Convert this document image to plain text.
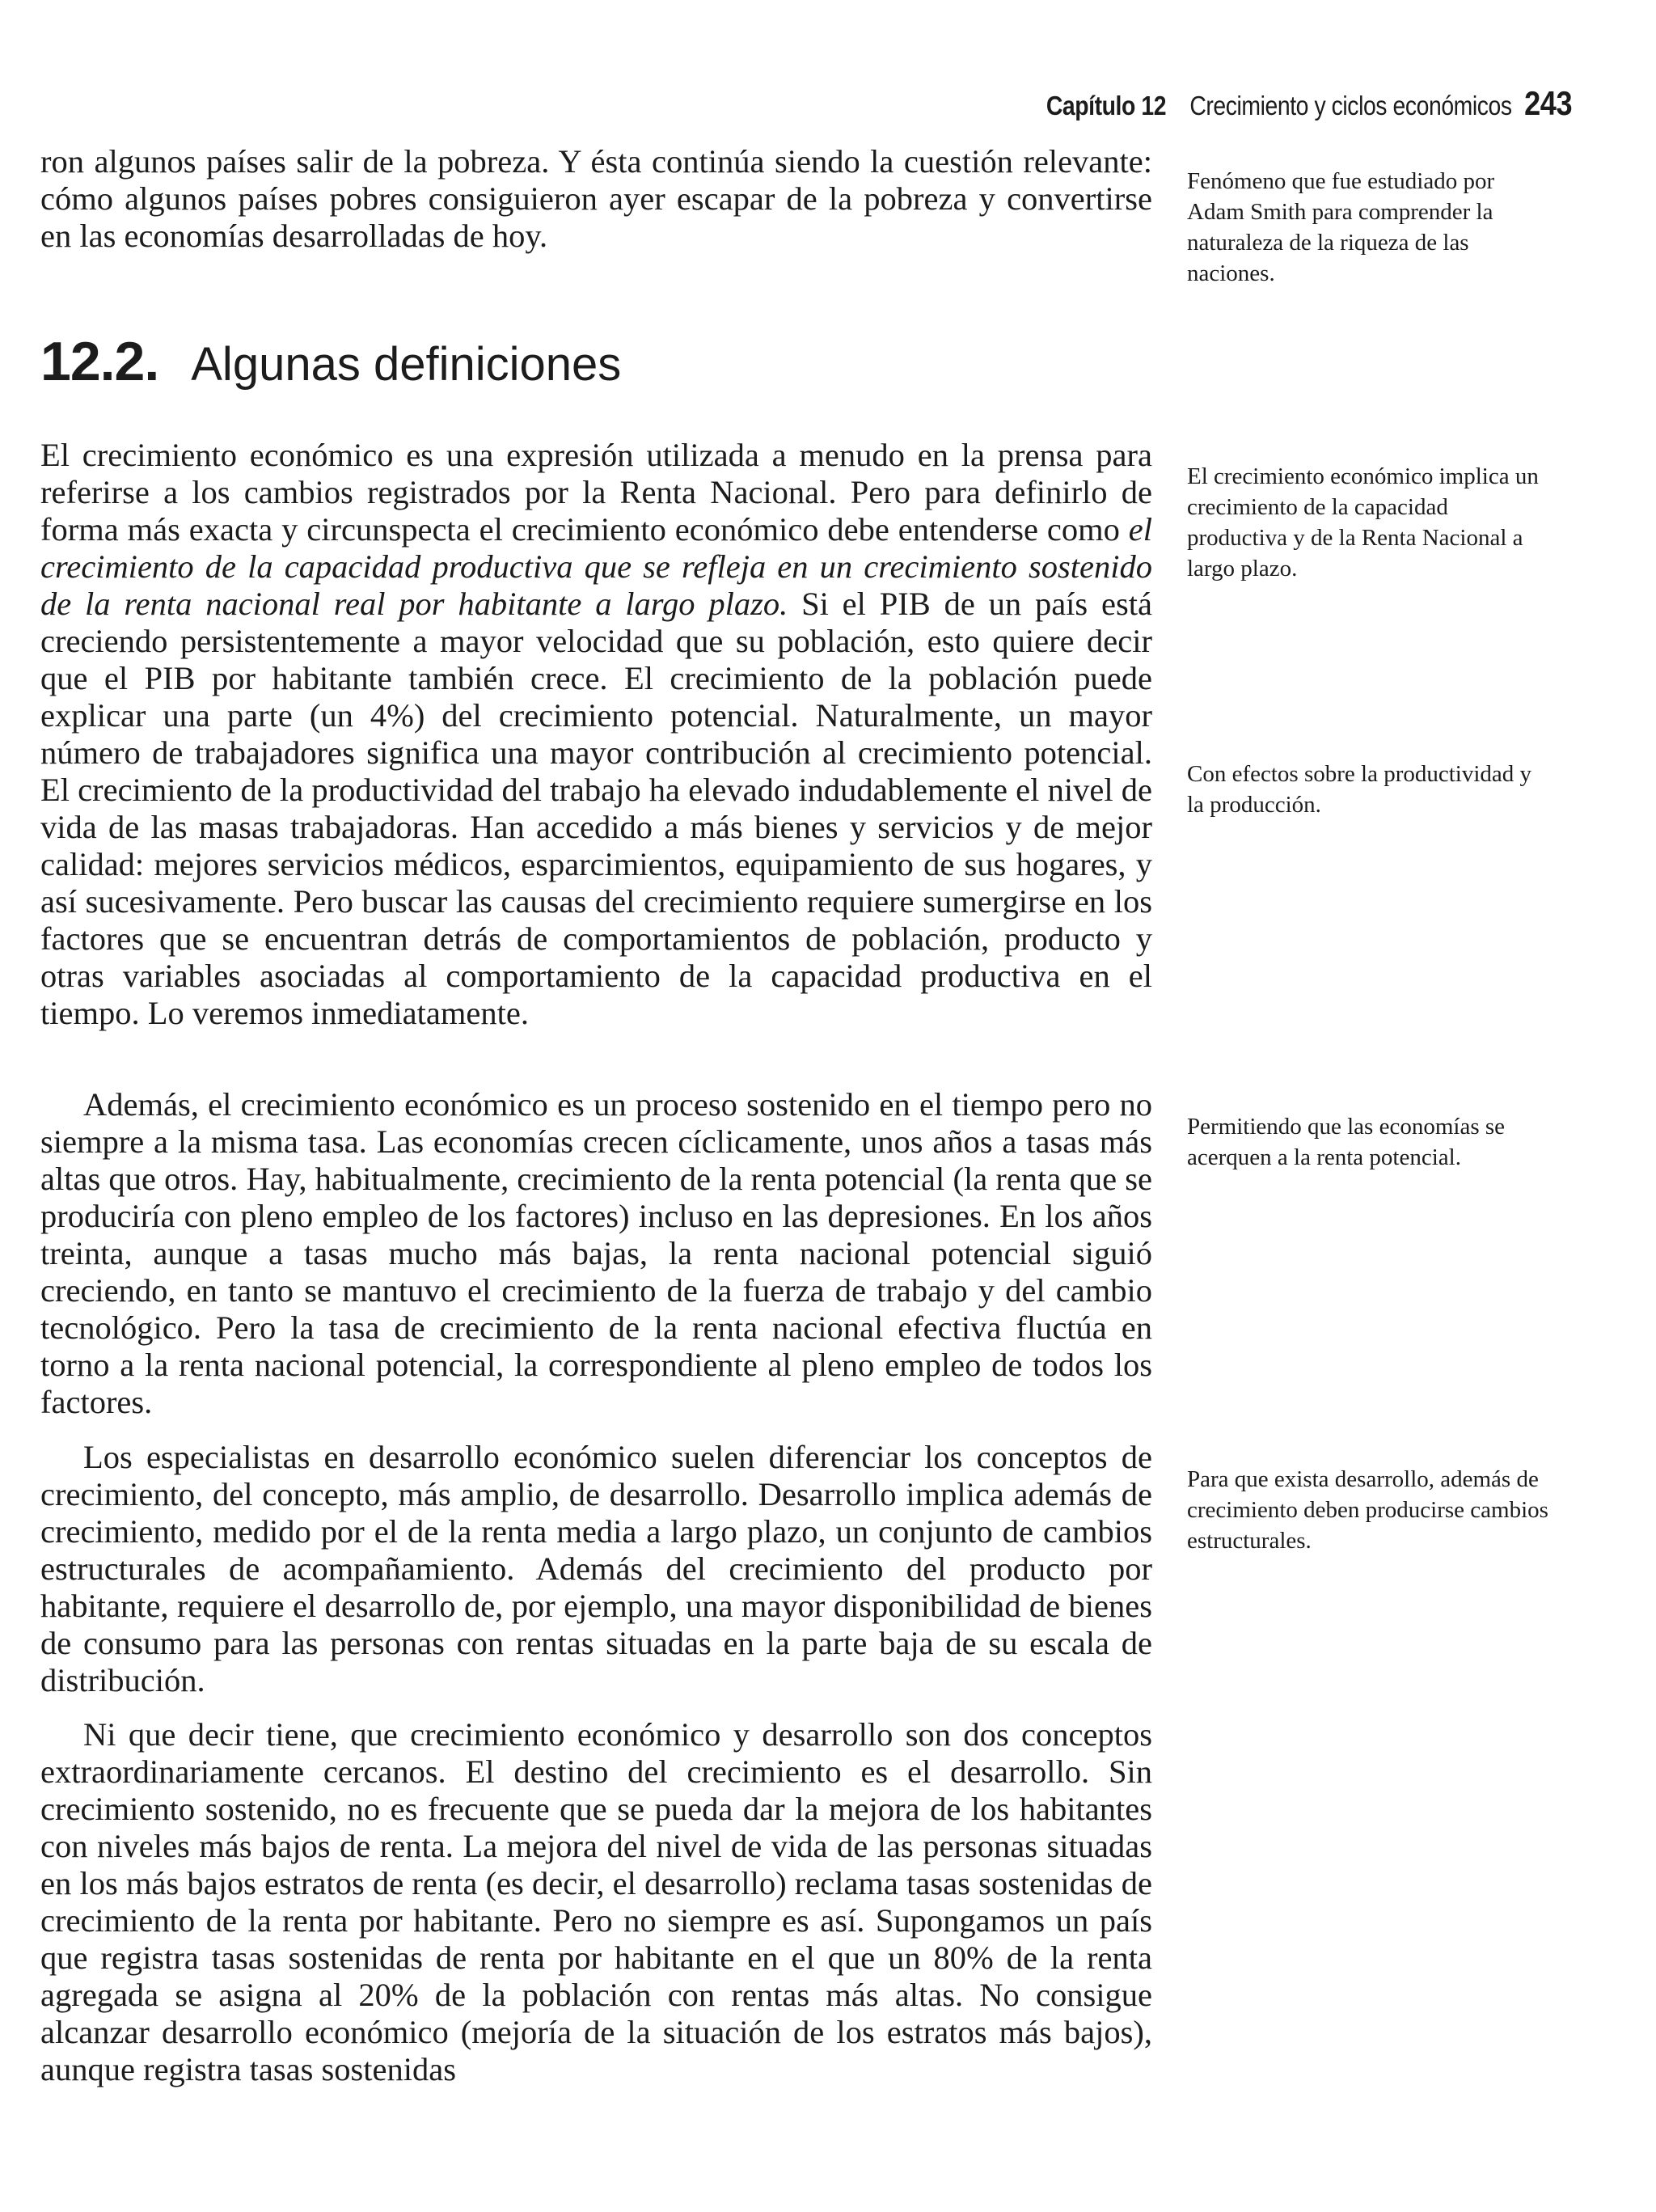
Capítulo 12 Crecimiento y ciclos económicos 243

ron algunos países salir de la pobreza. Y ésta continúa siendo la cuestión relevante: cómo algunos países pobres consiguieron ayer escapar de la pobreza y convertirse en las economías desarrolladas de hoy.

12.2. Algunas definiciones

El crecimiento económico es una expresión utilizada a menudo en la prensa para referirse a los cambios registrados por la Renta Nacional. Pero para definirlo de forma más exacta y circunspecta el crecimiento económico debe entenderse como el crecimiento de la capacidad productiva que se refleja en un crecimiento sostenido de la renta nacional real por habitante a largo plazo. Si el PIB de un país está creciendo persistentemente a mayor velocidad que su población, esto quiere decir que el PIB por habitante también crece. El crecimiento de la población puede explicar una parte (un 4%) del crecimiento potencial. Naturalmente, un mayor número de trabajadores significa una mayor contribución al crecimiento potencial. El crecimiento de la productividad del trabajo ha elevado indudablemente el nivel de vida de las masas trabajadoras. Han accedido a más bienes y servicios y de mejor calidad: mejores servicios médicos, esparcimientos, equipamiento de sus hogares, y así sucesivamente. Pero buscar las causas del crecimiento requiere sumergirse en los factores que se encuentran detrás de comportamientos de población, producto y otras variables asociadas al comportamiento de la capacidad productiva en el tiempo. Lo veremos inmediatamente.

Además, el crecimiento económico es un proceso sostenido en el tiempo pero no siempre a la misma tasa. Las economías crecen cíclicamente, unos años a tasas más altas que otros. Hay, habitualmente, crecimiento de la renta potencial (la renta que se produciría con pleno empleo de los factores) incluso en las depresiones. En los años treinta, aunque a tasas mucho más bajas, la renta nacional potencial siguió creciendo, en tanto se mantuvo el crecimiento de la fuerza de trabajo y del cambio tecnológico. Pero la tasa de crecimiento de la renta nacional efectiva fluctúa en torno a la renta nacional potencial, la correspondiente al pleno empleo de todos los factores.

Los especialistas en desarrollo económico suelen diferenciar los conceptos de crecimiento, del concepto, más amplio, de desarrollo. Desarrollo implica además de crecimiento, medido por el de la renta media a largo plazo, un conjunto de cambios estructurales de acompañamiento. Además del crecimiento del producto por habitante, requiere el desarrollo de, por ejemplo, una mayor disponibilidad de bienes de consumo para las personas con rentas situadas en la parte baja de su escala de distribución.

Ni que decir tiene, que crecimiento económico y desarrollo son dos conceptos extraordinariamente cercanos. El destino del crecimiento es el desarrollo. Sin crecimiento sostenido, no es frecuente que se pueda dar la mejora de los habitantes con niveles más bajos de renta. La mejora del nivel de vida de las personas situadas en los más bajos estratos de renta (es decir, el desarrollo) reclama tasas sostenidas de crecimiento de la renta por habitante. Pero no siempre es así. Supongamos un país que registra tasas sostenidas de renta por habitante en el que un 80% de la renta agregada se asigna al 20% de la población con rentas más altas. No consigue alcanzar desarrollo económico (mejoría de la situación de los estratos más bajos), aunque registra tasas sostenidas

Fenómeno que fue estudiado por Adam Smith para comprender la naturaleza de la riqueza de las naciones.
El crecimiento económico implica un crecimiento de la capacidad productiva y de la Renta Nacional a largo plazo.
Con efectos sobre la productividad y la producción.
Permitiendo que las economías se acerquen a la renta potencial.
Para que exista desarrollo, además de crecimiento deben producirse cambios estructurales.
